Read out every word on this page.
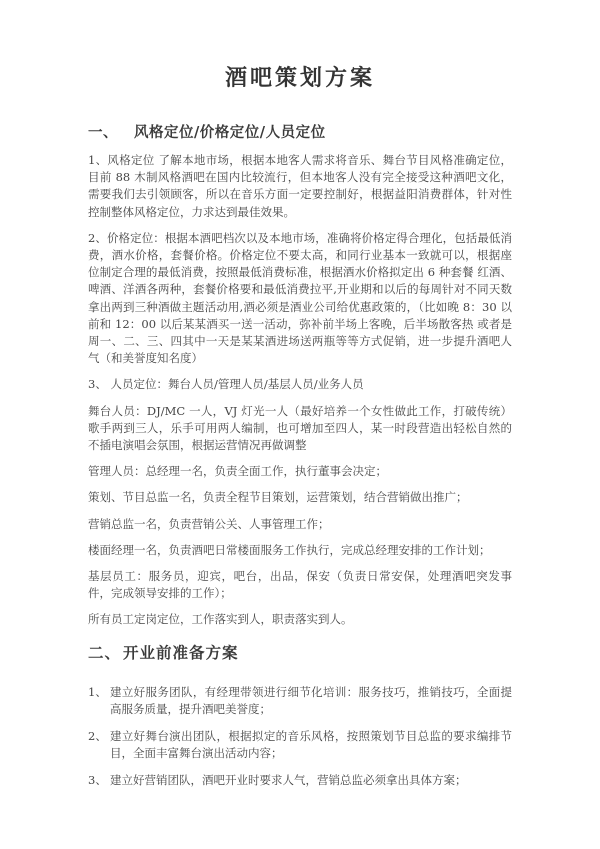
酒吧策划方案
一、 风格定位/价格定位/人员定位

1、风格定位 了解本地市场，根据本地客人需求将音乐、舞台节目风格准确定位，目前 88 木制风格酒吧在国内比较流行，但本地客人没有完全接受这种酒吧文化，需要我们去引领顾客，所以在音乐方面一定要控制好，根据益阳消费群体，针对性控制整体风格定位，力求达到最佳效果。

2、价格定位：根据本酒吧档次以及本地市场，准确将价格定得合理化，包括最低消费，酒水价格，套餐价格。价格定位不要太高，和同行业基本一致就可以，根据座位制定合理的最低消费，按照最低消费标准，根据酒水价格拟定出 6 种套餐 红酒、啤酒、洋酒各两种，套餐价格要和最低消费拉平,开业期和以后的每周针对不同天数拿出两到三种酒做主题活动用,酒必须是酒业公司给优惠政策的，（比如晚 8：30 以前和 12：00 以后某某酒买一送一活动，弥补前半场上客晚，后半场散客热 或者是周一、二、三、四其中一天是某某酒进场送两瓶等等方式促销，进一步提升酒吧人气（和美誉度知名度）

3、 人员定位：舞台人员/管理人员/基层人员/业务人员

舞台人员：DJ/MC 一人，VJ 灯光一人（最好培养一个女性做此工作，打破传统）歌手两到三人，乐手可用两人编制，也可增加至四人，某一时段营造出轻松自然的不插电演唱会氛围，根据运营情况再做调整

管理人员：总经理一名，负责全面工作，执行董事会决定；

策划、节目总监一名，负责全程节目策划，运营策划，结合营销做出推广；

营销总监一名，负责营销公关、人事管理工作；

楼面经理一名，负责酒吧日常楼面服务工作执行，完成总经理安排的工作计划；

基层员工：服务员，迎宾，吧台，出品，保安（负责日常安保，处理酒吧突发事件，完成领导安排的工作）；

所有员工定岗定位，工作落实到人，职责落实到人。

二、 开业前准备方案
1、 建立好服务团队，有经理带领进行细节化培训：服务技巧，推销技巧，全面提高服务质量，提升酒吧美誉度；
2、 建立好舞台演出团队，根据拟定的音乐风格，按照策划节目总监的要求编排节目，全面丰富舞台演出活动内容；
3、 建立好营销团队，酒吧开业时要求人气，营销总监必须拿出具体方案；
